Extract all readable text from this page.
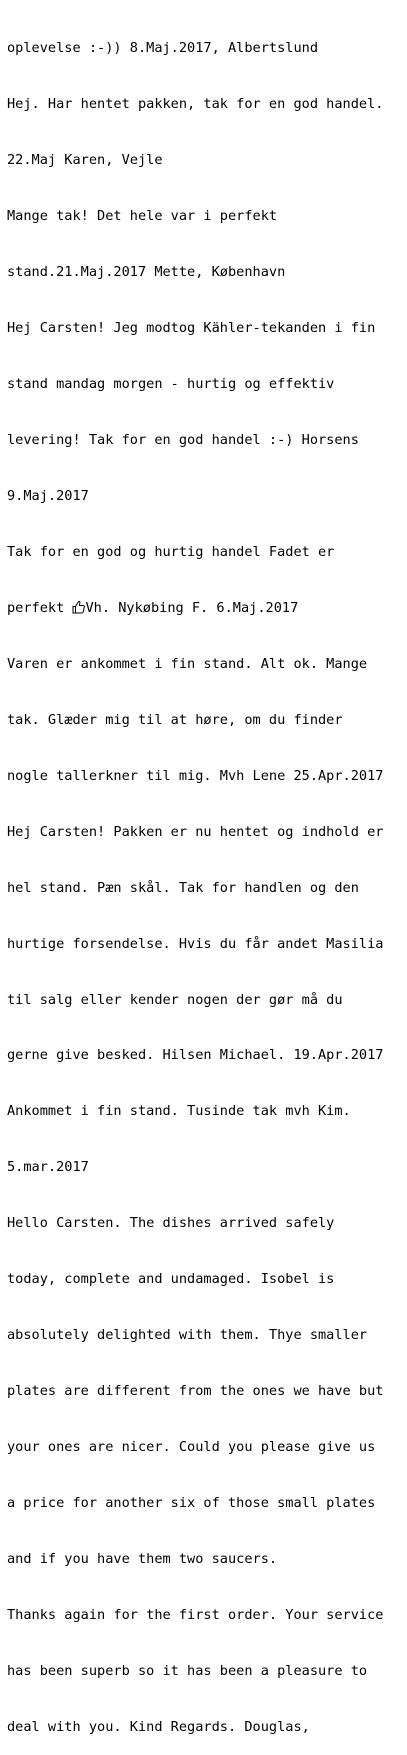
oplevelse :-)) 8.Maj.2017, Albertslund

Hej. Har hentet pakken, tak for en god handel.

22.Maj Karen, Vejle

Mange tak! Det hele var i perfekt

stand.21.Maj.2017 Mette, København

Hej Carsten! Jeg modtog Kähler-tekanden i fin

stand mandag morgen - hurtig og effektiv

levering! Tak for en god handel :-) Horsens

9.Maj.2017

Tak for en god og hurtig handel Fadet er

perfekt
Vh. Nykøbing F. 6.Maj.2017

Varen er ankommet i fin stand. Alt ok. Mange

tak. Glæder mig til at høre, om du finder

nogle tallerkner til mig. Mvh Lene 25.Apr.2017

Hej Carsten! Pakken er nu hentet og indhold er

hel stand. Pæn skål. Tak for handlen og den

hurtige forsendelse. Hvis du får andet Masilia

til salg eller kender nogen der gør må du

gerne give besked. Hilsen Michael. 19.Apr.2017

Ankommet i fin stand. Tusinde tak mvh Kim.

5.mar.2017

Hello Carsten. The dishes arrived safely

today, complete and undamaged. Isobel is

absolutely delighted with them. Thye smaller

plates are different from the ones we have but

your ones are nicer. Could you please give us

a price for another six of those small plates

and if you have them two saucers.

Thanks again for the first order. Your service

has been superb so it has been a pleasure to

deal with you. Kind Regards. Douglas,
